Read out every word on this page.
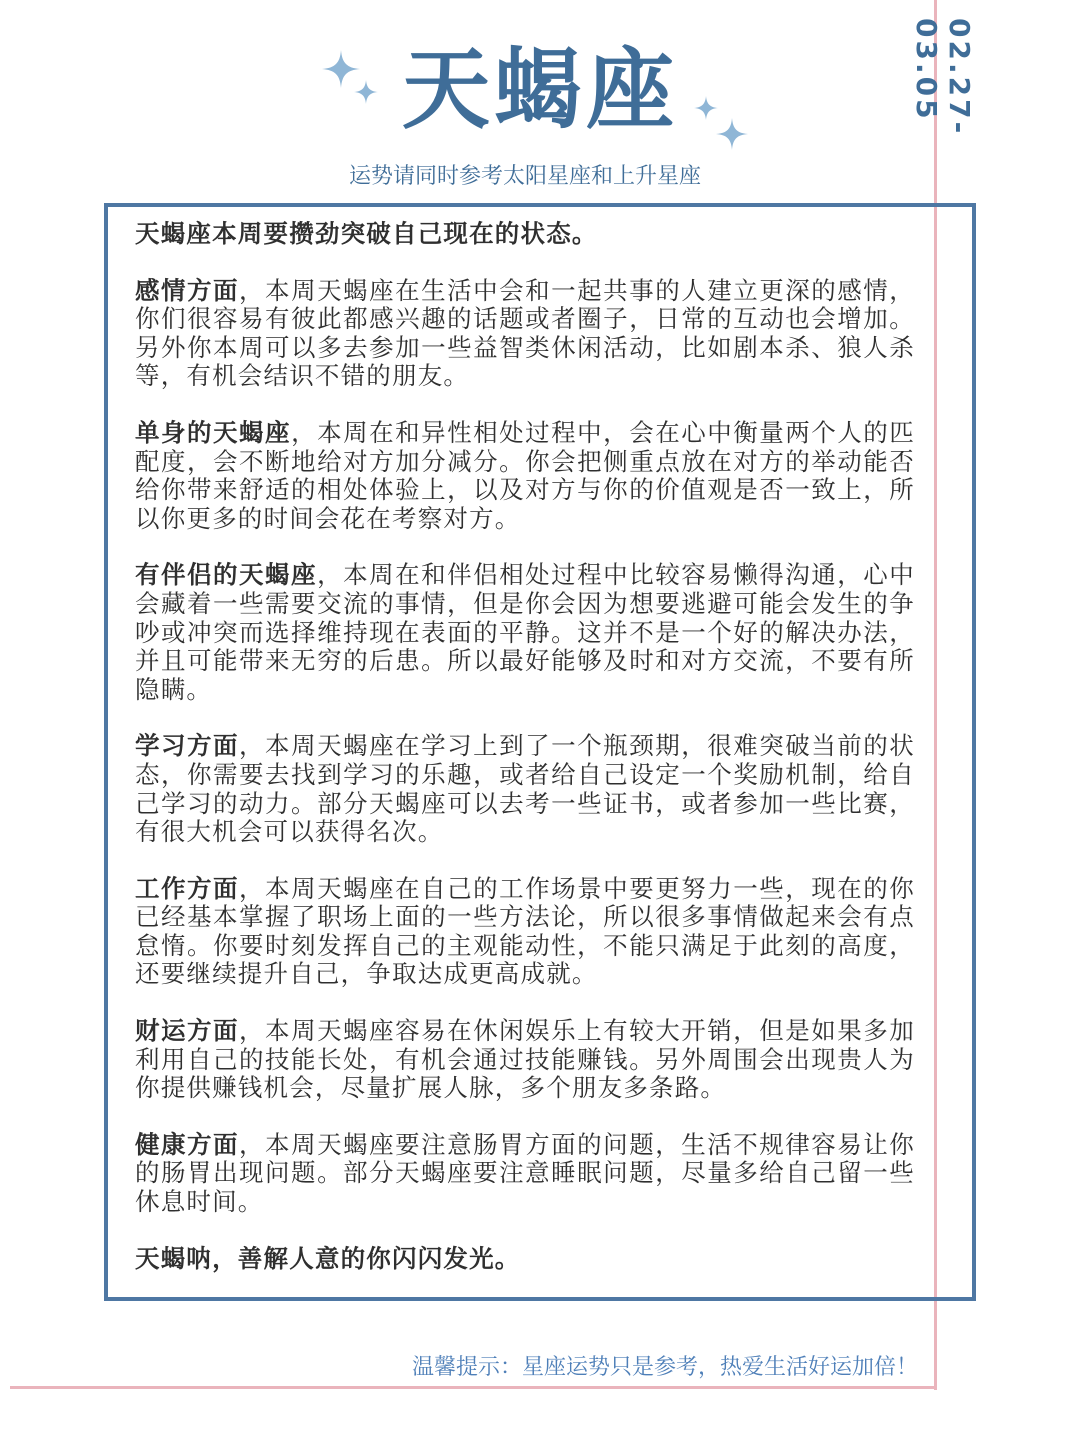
02.27-03.05
天蝎座
运势请同时参考太阳星座和上升星座

天蝎座本周要攒劲突破自己现在的状态。

感情方面，本周天蝎座在生活中会和一起共事的人建立更深的感情，你们很容易有彼此都感兴趣的话题或者圈子，日常的互动也会增加。另外你本周可以多去参加一些益智类休闲活动，比如剧本杀、狼人杀等，有机会结识不错的朋友。

单身的天蝎座，本周在和异性相处过程中，会在心中衡量两个人的匹配度，会不断地给对方加分减分。你会把侧重点放在对方的举动能否给你带来舒适的相处体验上，以及对方与你的价值观是否一致上，所以你更多的时间会花在考察对方。

有伴侣的天蝎座，本周在和伴侣相处过程中比较容易懒得沟通，心中会藏着一些需要交流的事情，但是你会因为想要逃避可能会发生的争吵或冲突而选择维持现在表面的平静。这并不是一个好的解决办法，并且可能带来无穷的后患。所以最好能够及时和对方交流，不要有所隐瞒。

学习方面，本周天蝎座在学习上到了一个瓶颈期，很难突破当前的状态，你需要去找到学习的乐趣，或者给自己设定一个奖励机制，给自己学习的动力。部分天蝎座可以去考一些证书，或者参加一些比赛，有很大机会可以获得名次。

工作方面，本周天蝎座在自己的工作场景中要更努力一些，现在的你已经基本掌握了职场上面的一些方法论，所以很多事情做起来会有点怠惰。你要时刻发挥自己的主观能动性，不能只满足于此刻的高度，还要继续提升自己，争取达成更高成就。

财运方面，本周天蝎座容易在休闲娱乐上有较大开销，但是如果多加利用自己的技能长处，有机会通过技能赚钱。另外周围会出现贵人为你提供赚钱机会，尽量扩展人脉，多个朋友多条路。

健康方面，本周天蝎座要注意肠胃方面的问题，生活不规律容易让你的肠胃出现问题。部分天蝎座要注意睡眠问题，尽量多给自己留一些休息时间。

天蝎呐，善解人意的你闪闪发光。

温馨提示：星座运势只是参考，热爱生活好运加倍！
